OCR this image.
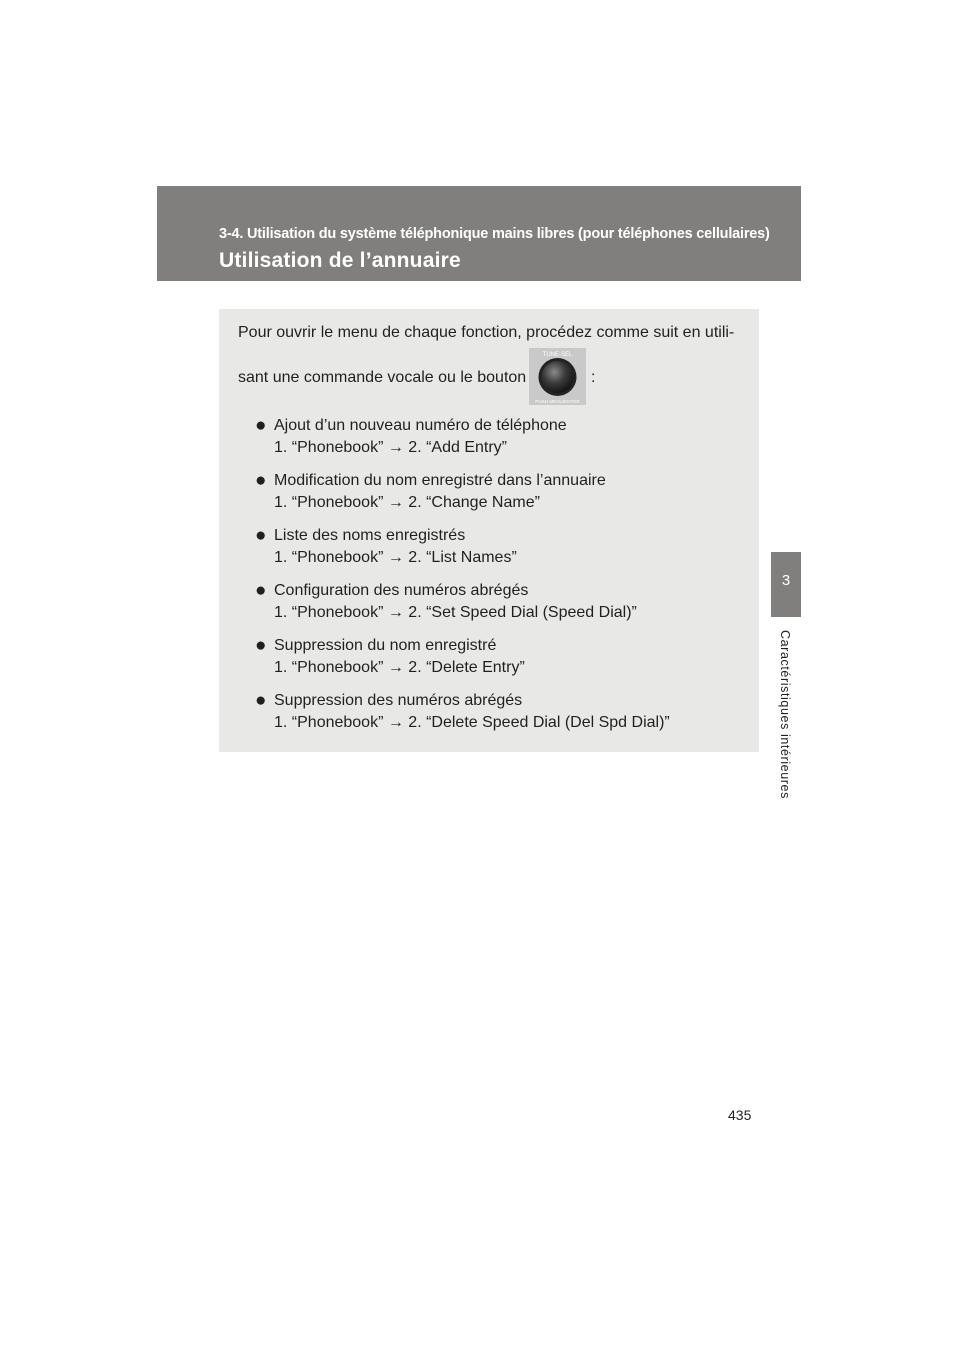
3-4. Utilisation du système téléphonique mains libres (pour téléphones cellulaires)

Utilisation de l’annuaire
3
Caractéristiques intérieures

Pour ouvrir le menu de chaque fonction, procédez comme suit en utili-

sant une commande vocale ou le bouton

TUNE·SEL
PUSH MENU/ENTER
:
● Ajout d’un nouveau numéro de téléphone
1. “Phonebook” → 2. “Add Entry”
● Modification du nom enregistré dans l’annuaire
1. “Phonebook” → 2. “Change Name”
● Liste des noms enregistrés
1. “Phonebook” → 2. “List Names”
● Configuration des numéros abrégés
1. “Phonebook” → 2. “Set Speed Dial (Speed Dial)”
● Suppression du nom enregistré
1. “Phonebook” → 2. “Delete Entry”
● Suppression des numéros abrégés
1. “Phonebook” → 2. “Delete Speed Dial (Del Spd Dial)”
435
